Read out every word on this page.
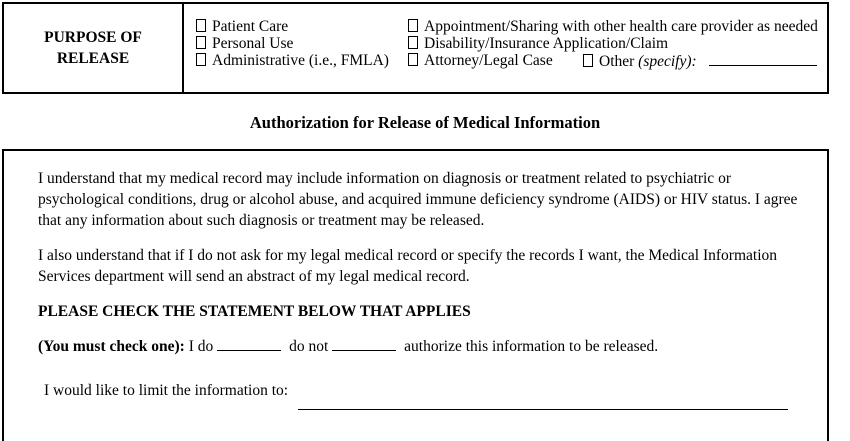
PURPOSE OF
RELEASE
Patient Care
Personal Use
Administrative (i.e., FMLA)
Appointment/Sharing with other health care provider as needed
Disability/Insurance Application/Claim
Attorney/Legal Case	Other (specify):
Authorization for Release of Medical Information
I understand that my medical record may include information on diagnosis or treatment related to psychiatric or psychological conditions, drug or alcohol abuse, and acquired immune deficiency syndrome (AIDS) or HIV status. I agree that any information about such diagnosis or treatment may be released.
I also understand that if I do not ask for my legal medical record or specify the records I want, the Medical Information Services department will send an abstract of my legal medical record.
PLEASE CHECK THE STATEMENT BELOW THAT APPLIES
(You must check one): I do	do not	authorize this information to be released.
I would like to limit the information to:
